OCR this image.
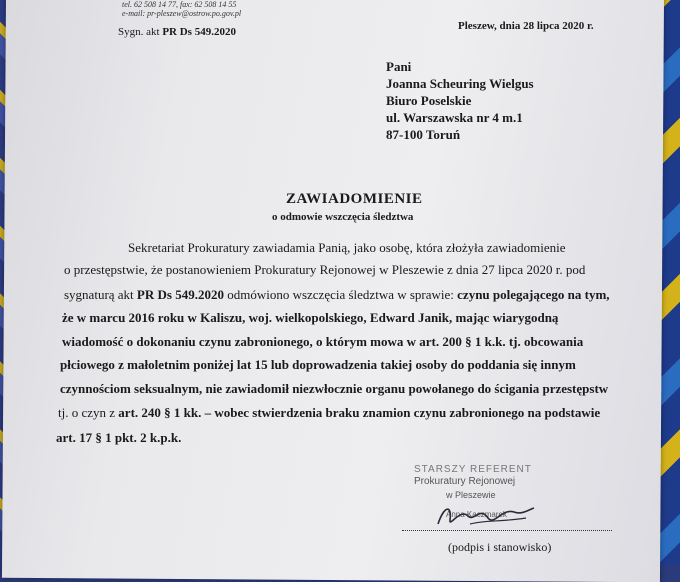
tel. 62 508 14 77, fax: 62 508 14 55
e-mail: pr-pleszew@ostrow.po.gov.pl
Sygn. akt PR Ds 549.2020	Pleszew, dnia 28 lipca 2020 r.
Pani
Joanna Scheuring Wielgus
Biuro Poselskie
ul. Warszawska nr 4 m.1
87-100 Toruń
ZAWIADOMIENIE
o odmowie wszczęcia śledztwa
Sekretariat Prokuratury zawiadamia Panią, jako osobę, która złożyła zawiadomienie
o przestępstwie, że postanowieniem Prokuratury Rejonowej w Pleszewie z dnia 27 lipca 2020 r. pod
sygnaturą akt PR Ds 549.2020 odmówiono wszczęcia śledztwa w sprawie: czynu polegającego na tym,
że w marcu 2016 roku w Kaliszu, woj. wielkopolskiego, Edward Janik, mając wiarygodną
wiadomość o dokonaniu czynu zabronionego, o którym mowa w art. 200 § 1 k.k. tj. obcowania
płciowego z małoletnim poniżej lat 15 lub doprowadzenia takiej osoby do poddania się innym
czynnościom seksualnym, nie zawiadomił niezwłocznie organu powołanego do ścigania przestępstw
tj. o czyn z art. 240 § 1 kk. – wobec stwierdzenia braku znamion czynu zabronionego na podstawie
art. 17 § 1 pkt. 2 k.p.k.
STARSZY REFERENT
Prokuratury Rejonowej
w Pleszewie
Anna Kaczmarek
(podpis i stanowisko)
